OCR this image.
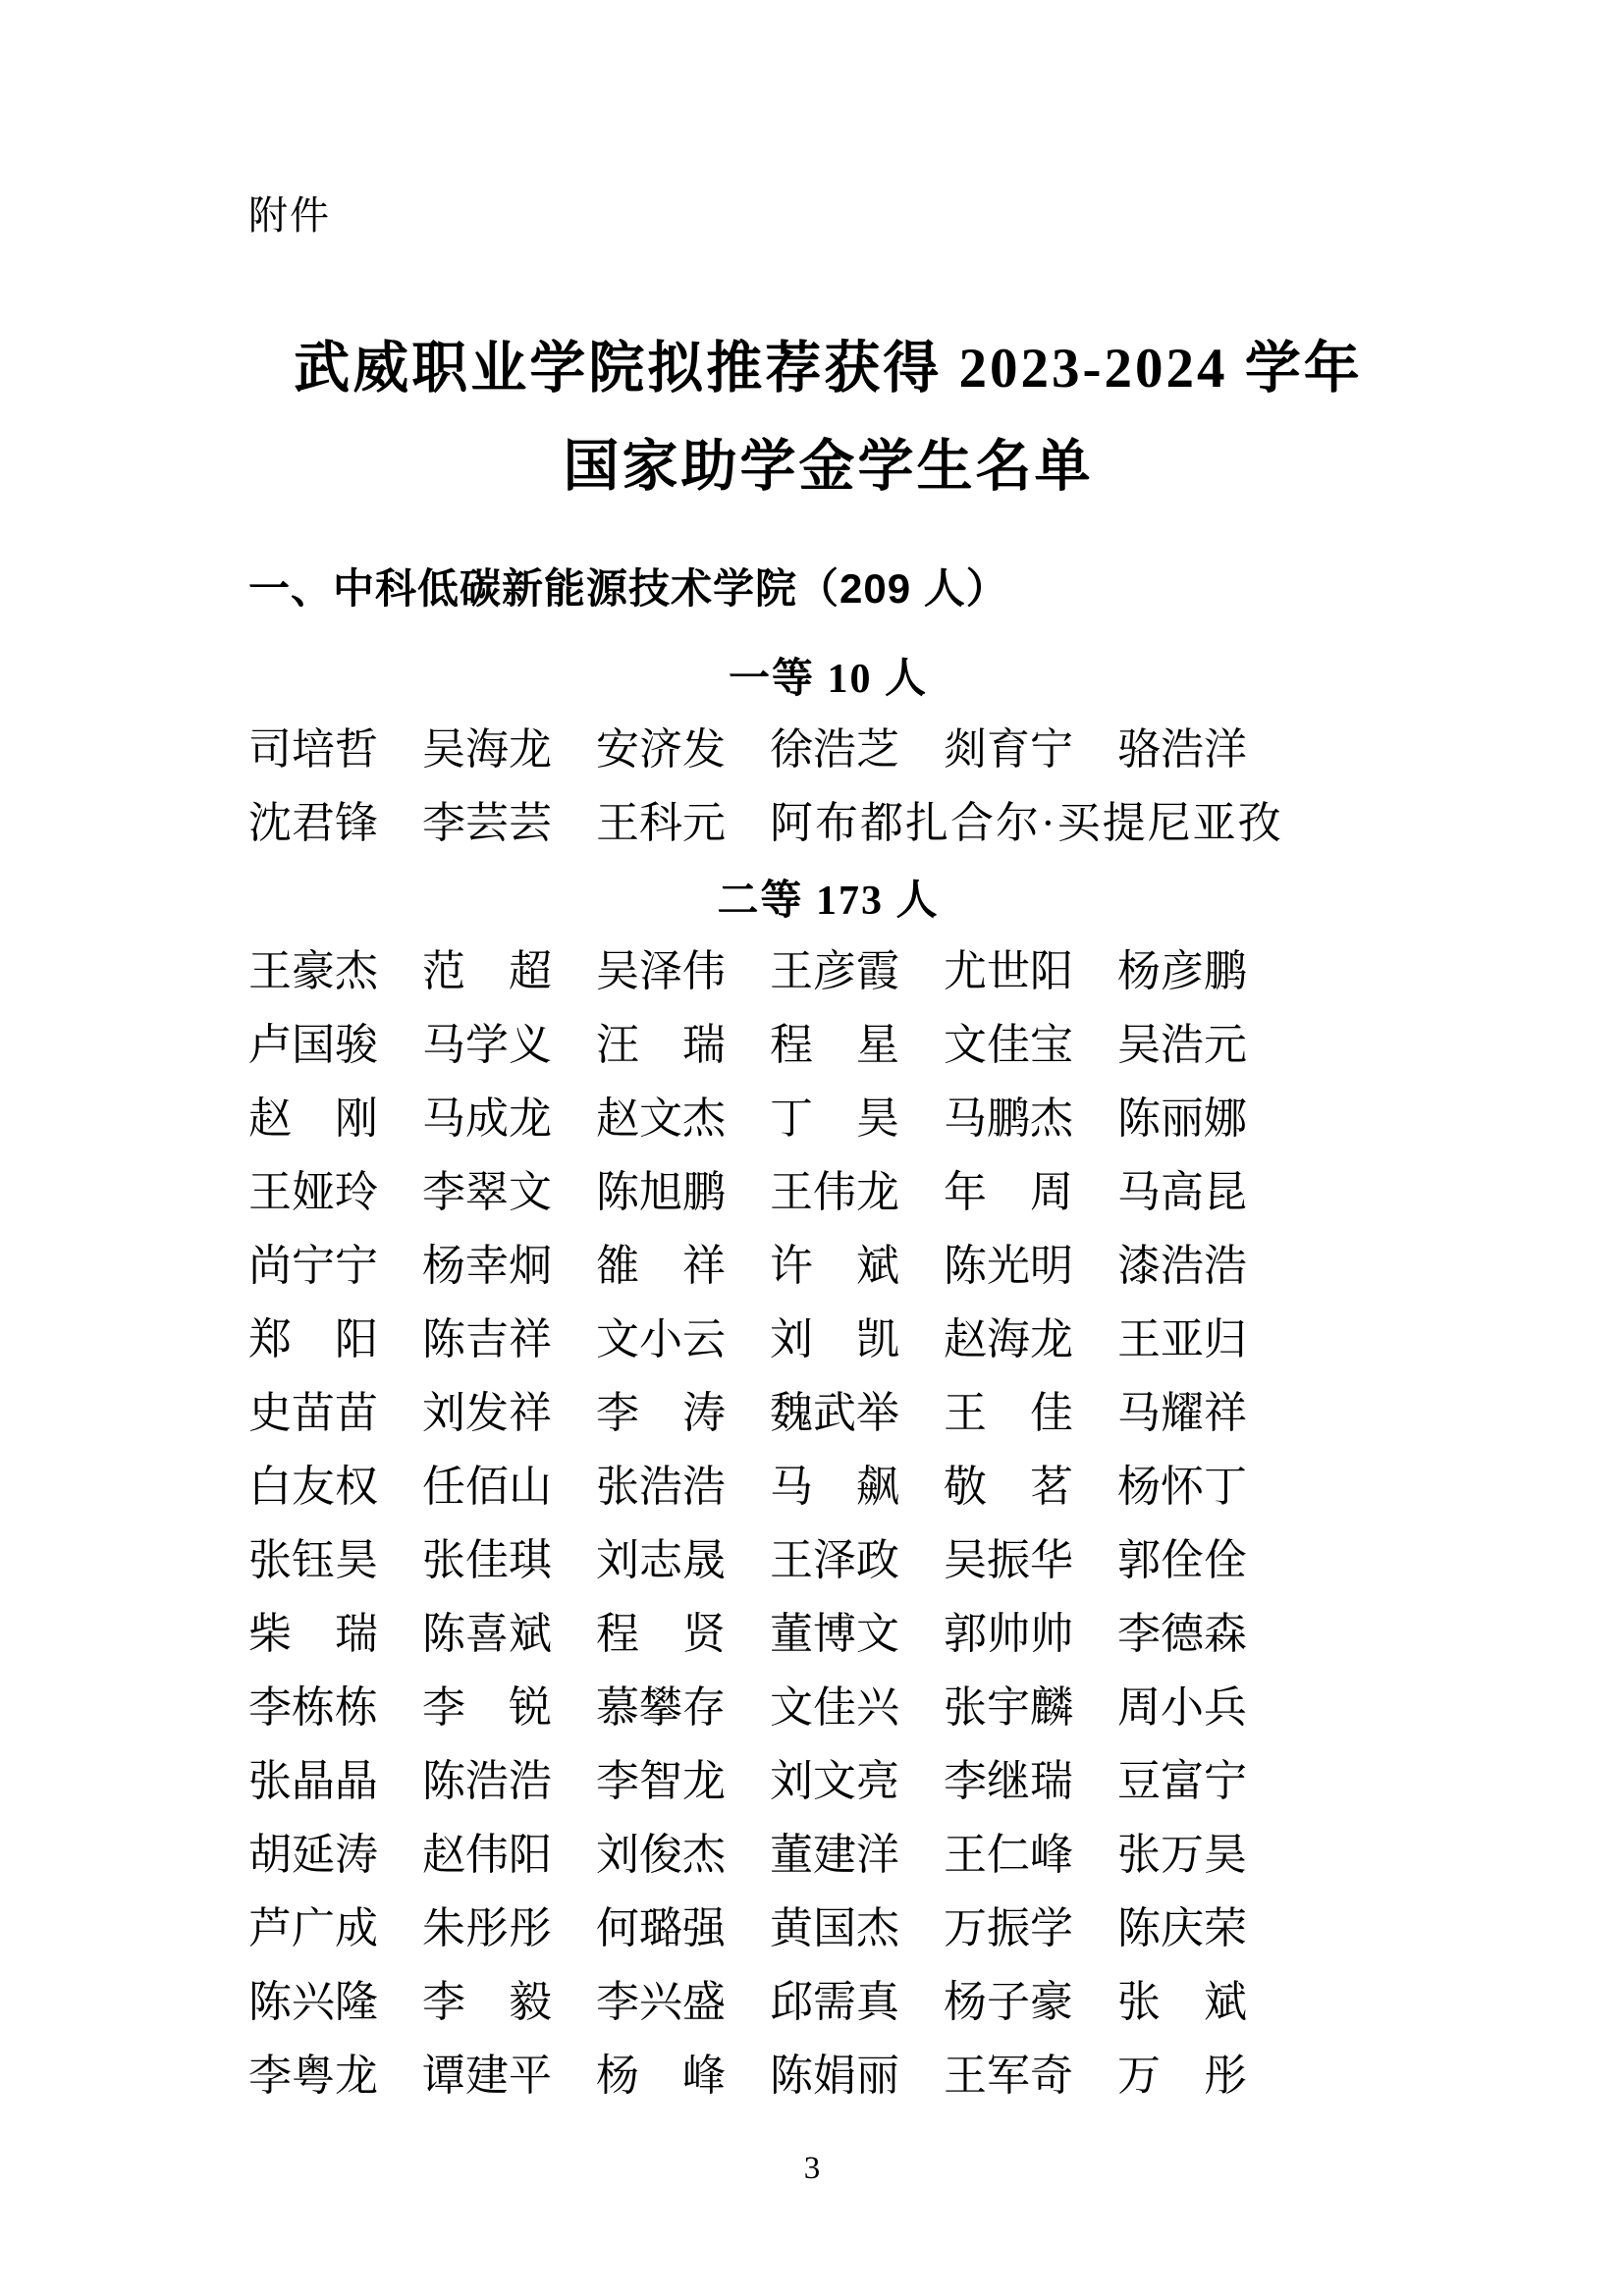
附件
武威职业学院拟推荐获得 2023-2024 学年
国家助学金学生名单
一、中科低碳新能源技术学院（209 人）
一等 10 人
司培哲 吴海龙 安济发 徐浩芝 剡育宁 骆浩洋
沈君锋 李芸芸 王科元 阿布都扎合尔·买提尼亚孜
二等 173 人
王豪杰 范超 吴泽伟 王彦霞 尤世阳 杨彦鹏
卢国骏 马学义 汪瑞 程星 文佳宝 吴浩元
赵刚 马成龙 赵文杰 丁昊 马鹏杰 陈丽娜
王娅玲 李翠文 陈旭鹏 王伟龙 年周 马高昆
尚宁宁 杨幸炯 雒祥 许斌 陈光明 漆浩浩
郑阳 陈吉祥 文小云 刘凯 赵海龙 王亚归
史苗苗 刘发祥 李涛 魏武举 王佳 马耀祥
白友权 任佰山 张浩浩 马飙 敬茗 杨怀丁
张钰昊 张佳琪 刘志晟 王泽政 吴振华 郭佺佺
柴瑞 陈喜斌 程贤 董博文 郭帅帅 李德森
李栋栋 李锐 慕攀存 文佳兴 张宇麟 周小兵
张晶晶 陈浩浩 李智龙 刘文亮 李继瑞 豆富宁
胡延涛 赵伟阳 刘俊杰 董建洋 王仁峰 张万昊
芦广成 朱彤彤 何璐强 黄国杰 万振学 陈庆荣
陈兴隆 李毅 李兴盛 邱需真 杨子豪 张斌
李粤龙 谭建平 杨峰 陈娟丽 王军奇 万彤
3
